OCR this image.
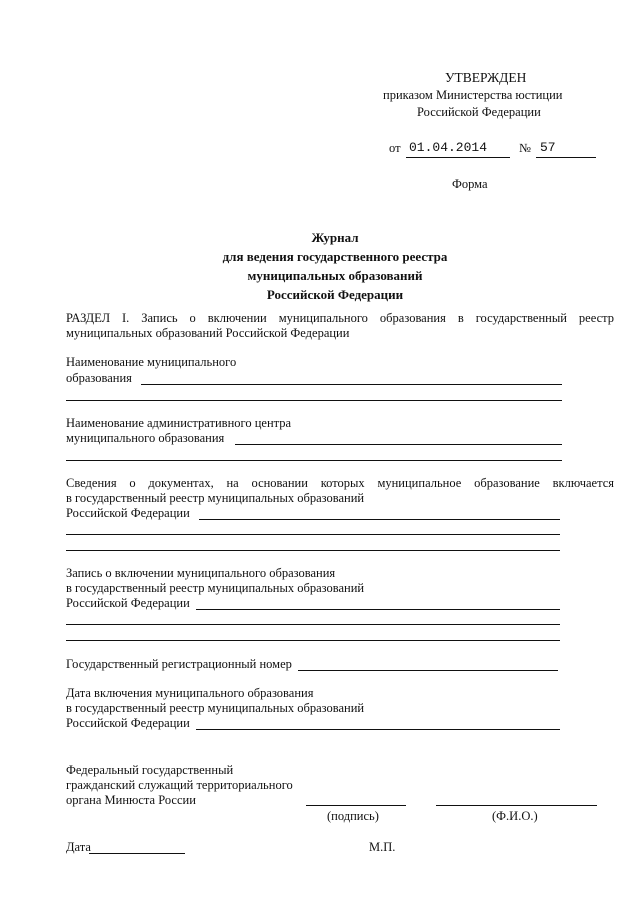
УТВЕРЖДЕН
приказом Министерства юстиции
Российской Федерации
от 01.04.2014	№ 57
Форма
Журнал
для ведения государственного реестра
муниципальных образований
Российской Федерации
РАЗДЕЛ I. Запись о включении муниципального образования в государственный реестр
муниципальных образований Российской Федерации
Наименование муниципального
образования
Наименование административного центра
муниципального образования
Сведения о документах, на основании которых муниципальное образование включается
в государственный реестр муниципальных образований
Российской Федерации
Запись о включении муниципального образования
в государственный реестр муниципальных образований
Российской Федерации
Государственный регистрационный номер
Дата включения муниципального образования
в государственный реестр муниципальных образований
Российской Федерации
Федеральный государственный
гражданский служащий территориального
органа Минюста России
(подпись)	(Ф.И.О.)
Дата	М.П.
